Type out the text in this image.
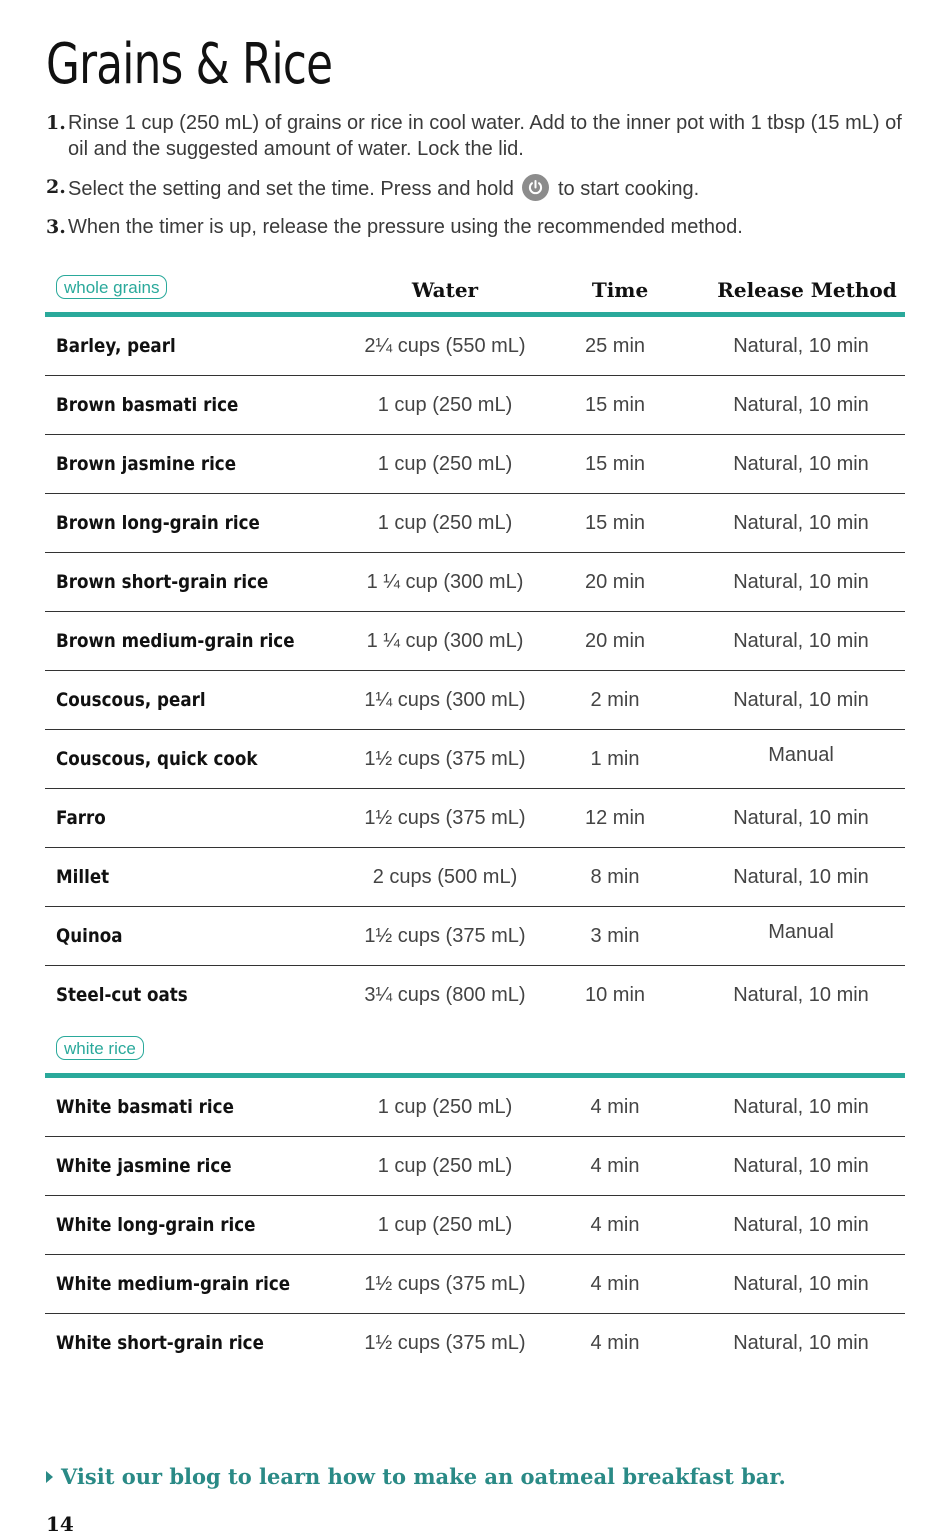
Grains & Rice
1. Rinse 1 cup (250 mL) of grains or rice in cool water. Add to the inner pot with 1 tbsp (15 mL) of oil and the suggested amount of water. Lock the lid.
2. Select the setting and set the time. Press and hold to start cooking.
3. When the timer is up, release the pressure using the recommended method.
Water	Time	Release Method
whole grains
Barley, pearl	2¼ cups (550 mL)	25 min	Natural, 10 min
Brown basmati rice	1 cup (250 mL)	15 min	Natural, 10 min
Brown jasmine rice	1 cup (250 mL)	15 min	Natural, 10 min
Brown long-grain rice	1 cup (250 mL)	15 min	Natural, 10 min
Brown short-grain rice	1 ¼ cup (300 mL)	20 min	Natural, 10 min
Brown medium-grain rice	1 ¼ cup (300 mL)	20 min	Natural, 10 min
Couscous, pearl	1¼ cups (300 mL)	2 min	Natural, 10 min
Couscous, quick cook	1½ cups (375 mL)	1 min	Manual
Farro	1½ cups (375 mL)	12 min	Natural, 10 min
Millet	2 cups (500 mL)	8 min	Natural, 10 min
Quinoa	1½ cups (375 mL)	3 min	Manual
Steel-cut oats	3¼ cups (800 mL)	10 min	Natural, 10 min
white rice
White basmati rice	1 cup (250 mL)	4 min	Natural, 10 min
White jasmine rice	1 cup (250 mL)	4 min	Natural, 10 min
White long-grain rice	1 cup (250 mL)	4 min	Natural, 10 min
White medium-grain rice	1½ cups (375 mL)	4 min	Natural, 10 min
White short-grain rice	1½ cups (375 mL)	4 min	Natural, 10 min
Visit our blog to learn how to make an oatmeal breakfast bar.
14
